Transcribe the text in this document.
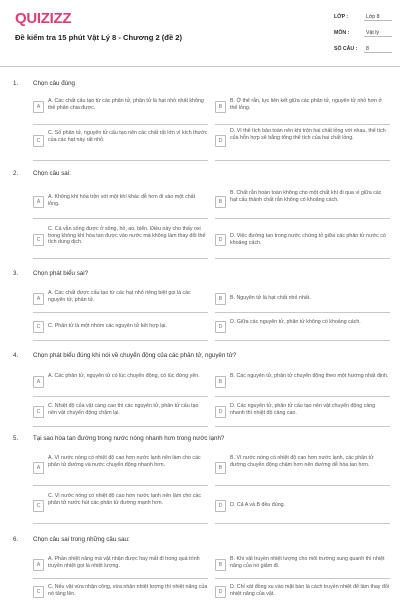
QUIZIZZ
Đề kiểm tra 15 phút Vật Lý 8 - Chương 2 (đề 2)
LỚP :	Lớp 8
MÔN :	Vật lý
SỐ CÂU : 8
1. Chọn câu đúng
A
A. Các chất cấu tạo từ các phân tử, phân tử là hạt nhỏ nhất không thể phân chia được.	B
B. Ở thể rắn, lực liên kết giữa các phân tử, nguyên tử nhỏ hơn ở thể lỏng.
C
C. Số phân tử, nguyên tử cấu tạo nên các chất rất lớn vì kích thước của các hạt này rất nhỏ.	D
D. Vì thể tích bảo toàn nên khi trộn hai chất lỏng với nhau, thể tích của hỗn hợp sẽ bằng tổng thể tích của hai chất lỏng.
2. Chọn câu sai:
A
A. Không khí hòa trộn với một khí khác dễ hơn đi vào một chất lỏng.	B
B. Chất rắn hoàn toàn không cho một chất khí đi qua vì giữa các hạt cấu thành chất rắn không có khoảng cách.
C
C. Cá vẫn sống được ở sông, hồ, ao, biển. Điều này cho thấy oxi trong không khí hòa tan được vào nước mà không làm thay đổi thể tích dung dịch.	D
D. Việc đường tan trong nước chứng tỏ giữa các phân tử nước có khoảng cách.
3. Chọn phát biểu sai?
A
A. Các chất được cấu tạo từ các hạt nhỏ riêng biệt gọi là các nguyên tử, phân tử.	B	B. Nguyên tử là hạt chất nhỏ nhất.
C	C. Phân tử là một nhóm các nguyên tử kết hợp lại.	D
D. Giữa các nguyên tử, phân tử không có khoảng cách.
4. Chọn phát biểu đúng khi nói về chuyển động của các phân tử, nguyên tử?
A
A. Các phân tử, nguyên tử có lúc chuyển động, có lúc đứng yên.
B
B. Các nguyên tử, phân tử chuyển động theo một hướng nhất định.
C
C. Nhiệt độ của vật càng cao thì các nguyên tử, phân tử cấu tạo nên vật chuyển động chậm lại.	D
D. Các nguyên tử, phân tử cấu tạo nên vật chuyển động càng nhanh thì nhiệt độ càng cao.
5. Tại sao hòa tan đường trong nước nóng nhanh hơn trong nước lạnh?
A
A. Vì nước nóng có nhiệt độ cao hơn nước lạnh nên làm cho các phân tử đường và nước chuyển động nhanh hơn.
B
B. Vì nước nóng có nhiệt độ cao hơn nước lạnh, các phân tử đường chuyển động chậm hơn nên đường dễ hòa tan hơn.
C
C. Vì nước nóng có nhiệt độ cao hơn nước lạnh nên làm cho các phân tử nước hút các phân tử đường mạnh hơn.
D	D. Cả A và B đều đúng.
6. Chọn câu sai trong những câu sau:
A
A. Phần nhiệt năng mà vật nhận được hay mất đi trong quá trình truyền nhiệt gọi là nhiệt lượng.	B
B. Khi vật truyền nhiệt lượng cho môi trường xung quanh thì nhiệt năng của nó giảm đi.
C
C. Nếu vật vừa nhận công, vừa nhận nhiệt lượng thì nhiệt năng của nó tăng lên.	D
D. Chỉ xát đồng xu vào mặt bàn là cách truyền nhiệt để làm thay đổi nhiệt năng của vật.
